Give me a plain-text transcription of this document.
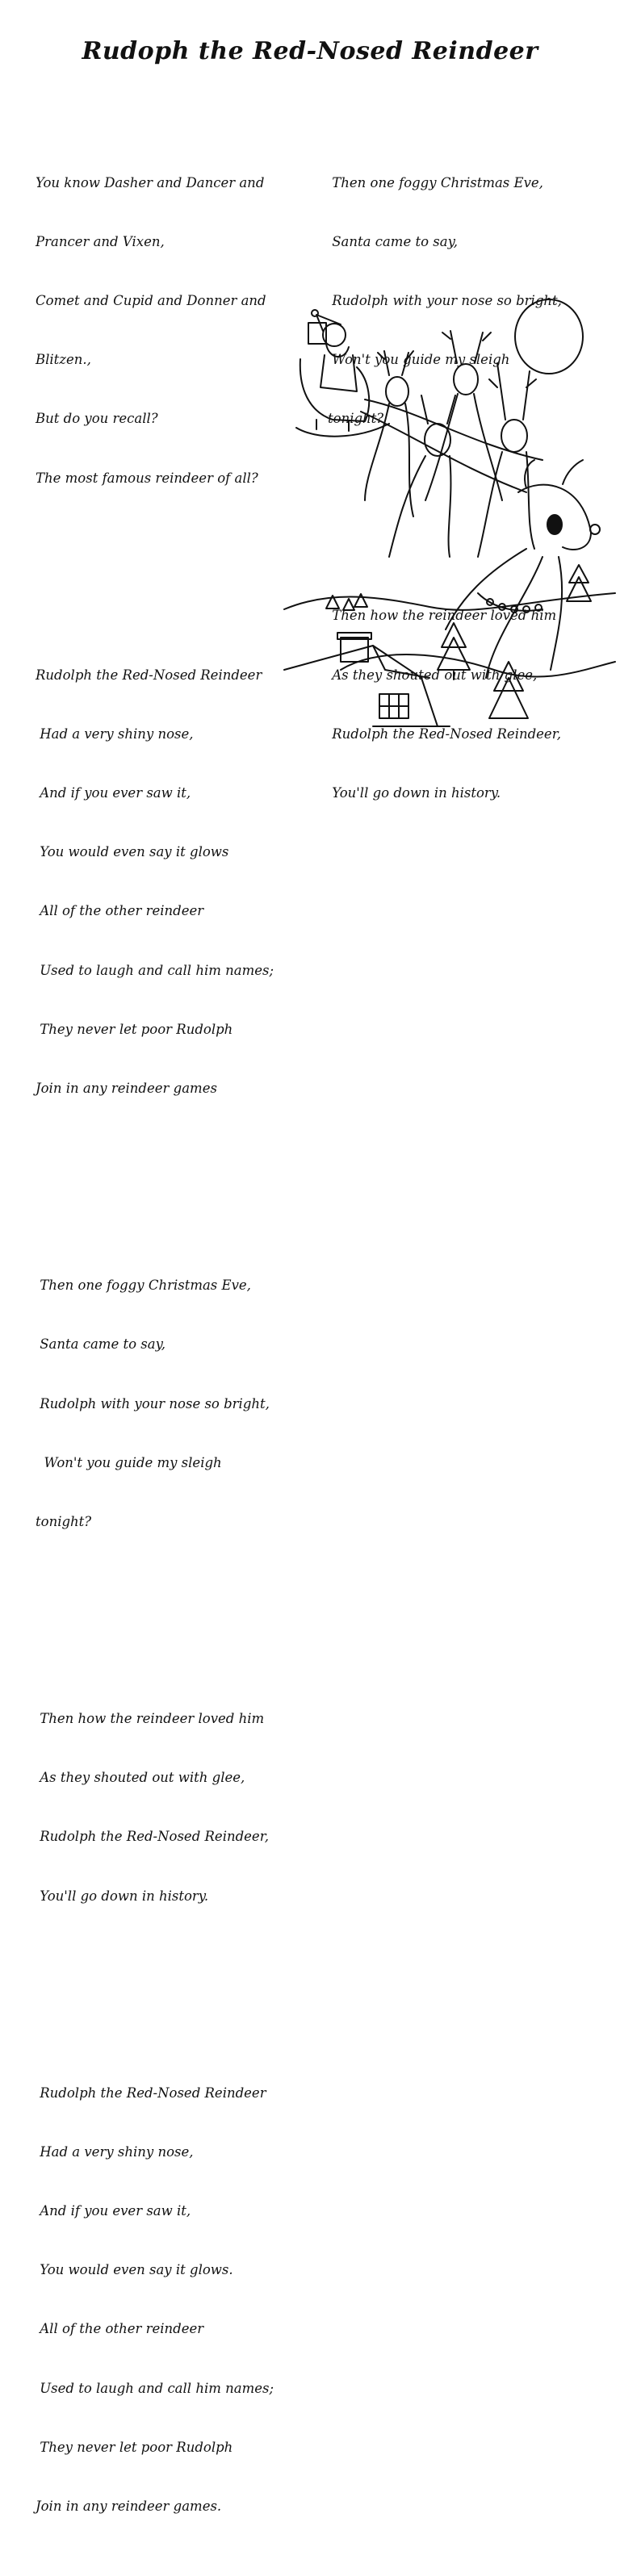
Rudoph the Red-Nosed Reindeer

You know Dasher and Dancer and

Prancer and Vixen,

Comet and Cupid and Donner and

Blitzen.,

But do you recall?

The most famous reindeer of all?

Rudolph the Red-Nosed Reindeer

Had a very shiny nose,

And if you ever saw it,

You would even say it glows

All of the other reindeer

Used to laugh and call him names;

They never let poor Rudolph

Join in any reindeer games

Then one foggy Christmas Eve,

Santa came to say,

Rudolph with your nose so bright,

Won't you guide my sleigh

tonight?

Then how the reindeer loved him

As they shouted out with glee,

Rudolph the Red-Nosed Reindeer,

You'll go down in history.

Rudolph the Red-Nosed Reindeer

Had a very shiny nose,

And if you ever saw it,

You would even say it glows.

All of the other reindeer

Used to laugh and call him names;

They never let poor Rudolph

Join in any reindeer games.

Then one foggy Christmas Eve,

Santa came to say,

Rudolph with your nose so bright,

Won't you guide my sleigh

tonight?

Then how the reindeer loved him

As they shouted out with glee,

Rudolph the Red-Nosed Reindeer,

You'll go down in history.
